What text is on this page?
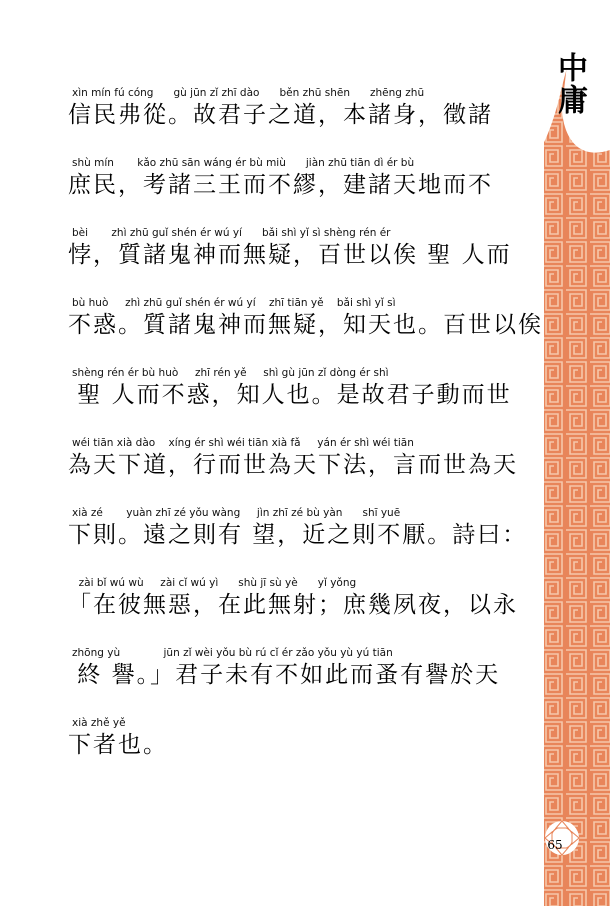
中庸
65
xìn mín fú cóng      gù jūn zǐ zhī dào      běn zhū shēn      zhēng zhū
信民弗從。故君子之道，本諸身，徵諸
shù mín       kǎo zhū sān wáng ér bù miù      jiàn zhū tiān dì ér bù
庶民，考諸三王而不繆，建諸天地而不
bèi       zhì zhū guǐ shén ér wú yí      bǎi shì yǐ sì shèng rén ér
悖，質諸鬼神而無疑，百世以俟 聖 人而
bù huò     zhì zhū guǐ shén ér wú yí    zhī tiān yě    bǎi shì yǐ sì
不惑。質諸鬼神而無疑，知天也。百世以俟
shèng rén ér bù huò     zhī rén yě     shì gù jūn zǐ dòng ér shì
聖 人而不惑，知人也。是故君子動而世
wéi tiān xià dào    xíng ér shì wéi tiān xià fǎ     yán ér shì wéi tiān
為天下道，行而世為天下法，言而世為天
xià zé       yuàn zhī zé yǒu wàng     jìn zhī zé bù yàn      shī yuē
下則。遠之則有 望，近之則不厭。詩曰：
zài bǐ wú wù     zài cǐ wú yì      shù jī sù yè      yǐ yǒng
「在彼無惡，在此無射；庶幾夙夜，以永
zhōng yù             jūn zǐ wèi yǒu bù rú cǐ ér zǎo yǒu yù yú tiān
終 譽。」君子未有不如此而蚤有譽於天
xià zhě yě
下者也。
